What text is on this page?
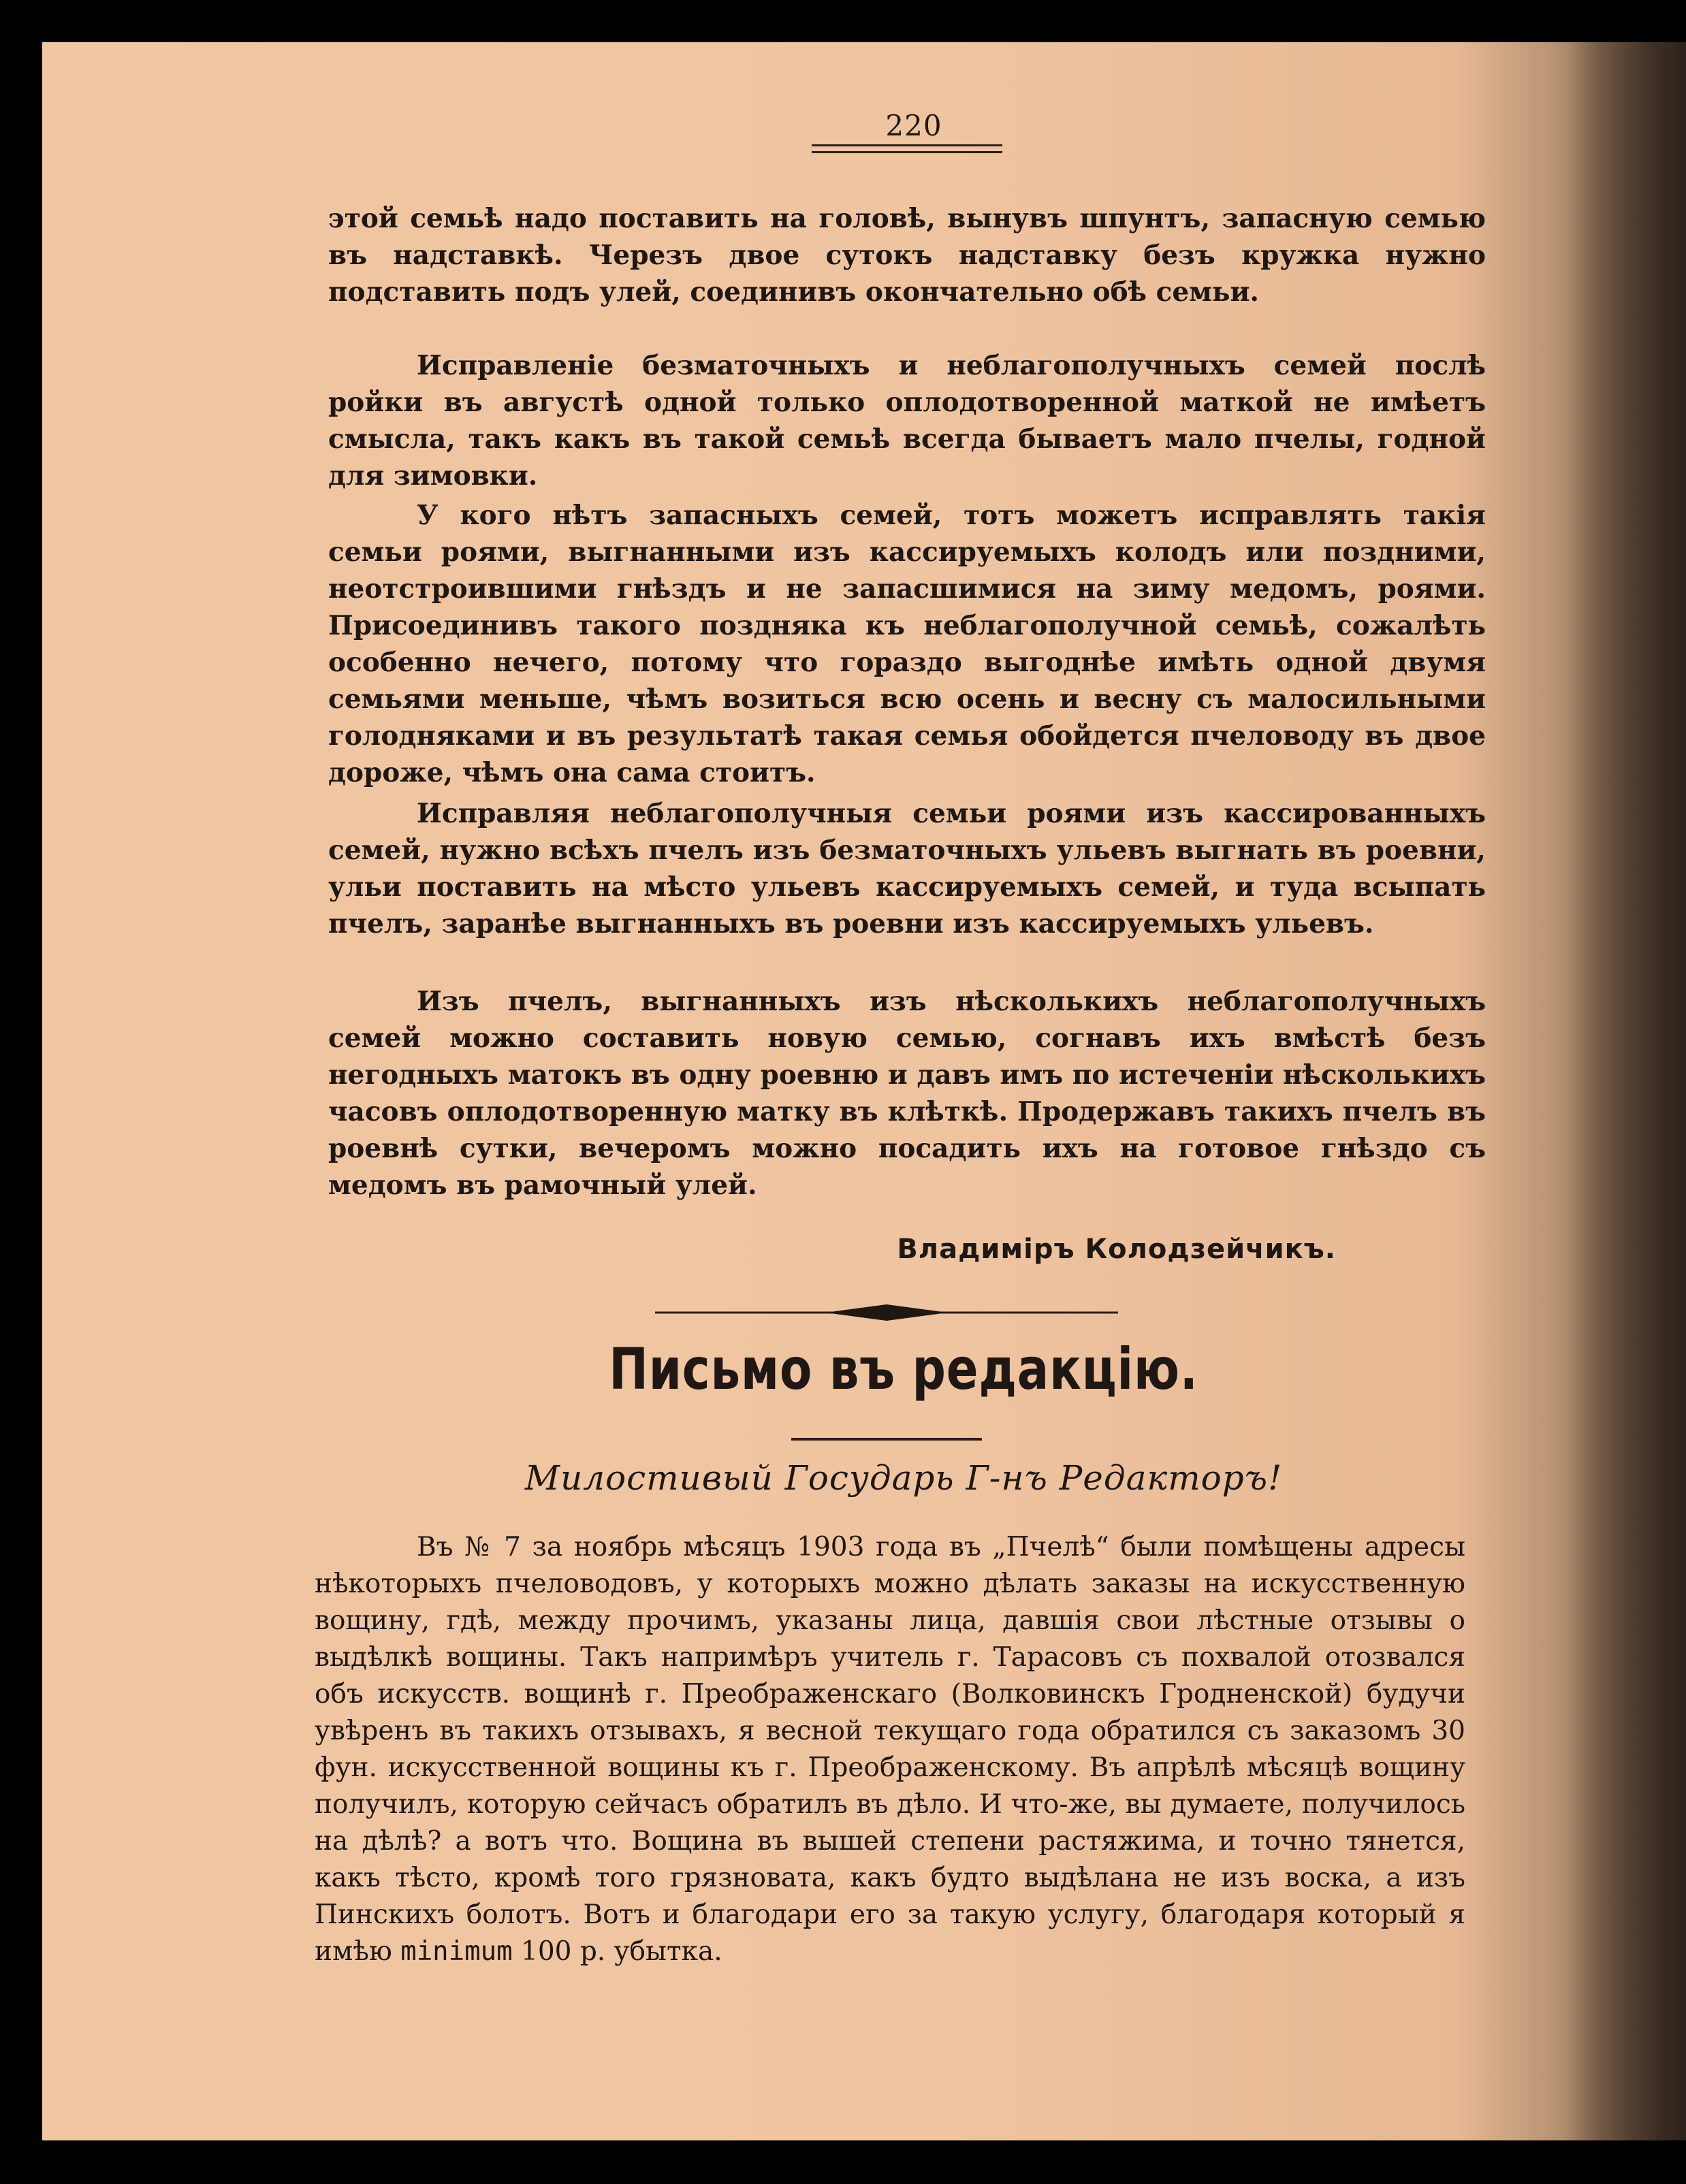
220

этой семьѣ надо поставить на головѣ, вынувъ шпунтъ, запасную семью въ надставкѣ. Черезъ двое сутокъ надставку безъ кружка нужно подставить подъ улей, соединивъ окончательно обѣ семьи.

Исправленіе безматочныхъ и неблагополучныхъ семей послѣ ройки въ августѣ одной только оплодотворенной маткой не имѣетъ смысла, такъ какъ въ такой семьѣ всегда бываетъ мало пчелы, годной для зимовки.

У кого нѣтъ запасныхъ семей, тотъ можетъ исправлять такія семьи роями, выгнанными изъ кассируемыхъ колодъ или поздними, неотстроившими гнѣздъ и не запасшимися на зиму медомъ, роями. Присоединивъ такого поздняка къ неблагополучной семьѣ, сожалѣть особенно нечего, потому что гораздо выгоднѣе имѣть одной двумя семьями меньше, чѣмъ возиться всю осень и весну съ малосильными голодняками и въ результатѣ такая семья обойдется пчеловоду въ двое дороже, чѣмъ она сама стоитъ.

Исправляя неблагополучныя семьи роями изъ кассированныхъ семей, нужно всѣхъ пчелъ изъ безматочныхъ ульевъ выгнать въ роевни, ульи поставить на мѣсто ульевъ кассируемыхъ семей, и туда всыпать пчелъ, заранѣе выгнанныхъ въ роевни изъ кассируемыхъ ульевъ.

Изъ пчелъ, выгнанныхъ изъ нѣсколькихъ неблагополучныхъ семей можно составить новую семью, согнавъ ихъ вмѣстѣ безъ негодныхъ матокъ въ одну роевню и давъ имъ по истеченіи нѣсколькихъ часовъ оплодотворенную матку въ клѣткѣ. Продержавъ такихъ пчелъ въ роевнѣ сутки, вечеромъ можно посадить ихъ на готовое гнѣздо съ медомъ въ рамочный улей.

Владиміръ Колодзейчикъ.
Письмо въ редакцію.
Милостивый Государь Г-нъ Редакторъ!

Въ № 7 за ноябрь мѣсяцъ 1903 года въ „Пчелѣ“ были помѣщены адресы нѣкоторыхъ пчеловодовъ, у которыхъ можно дѣлать заказы на искусственную вощину, гдѣ, между прочимъ, указаны лица, давшія свои лѣстные отзывы о выдѣлкѣ вощины. Такъ напримѣръ учитель г. Тарасовъ съ похвалой отозвался объ искусств. вощинѣ г. Преображенскаго (Волковинскъ Гродненской) будучи увѣренъ въ такихъ отзывахъ, я весной текущаго года обратился съ заказомъ 30 фун. искусственной вощины къ г. Преображенскому. Въ апрѣлѣ мѣсяцѣ вощину получилъ, которую сейчасъ обратилъ въ дѣло. И что-же, вы думаете, получилось на дѣлѣ? а вотъ что. Вощина въ вышей степени растяжима, и точно тянется, какъ тѣсто, кромѣ того грязновата, какъ будто выдѣлана не изъ воска, а изъ Пинскихъ болотъ. Вотъ и благодари его за такую услугу, благодаря который я имѣю minimum 100 р. убытка.
